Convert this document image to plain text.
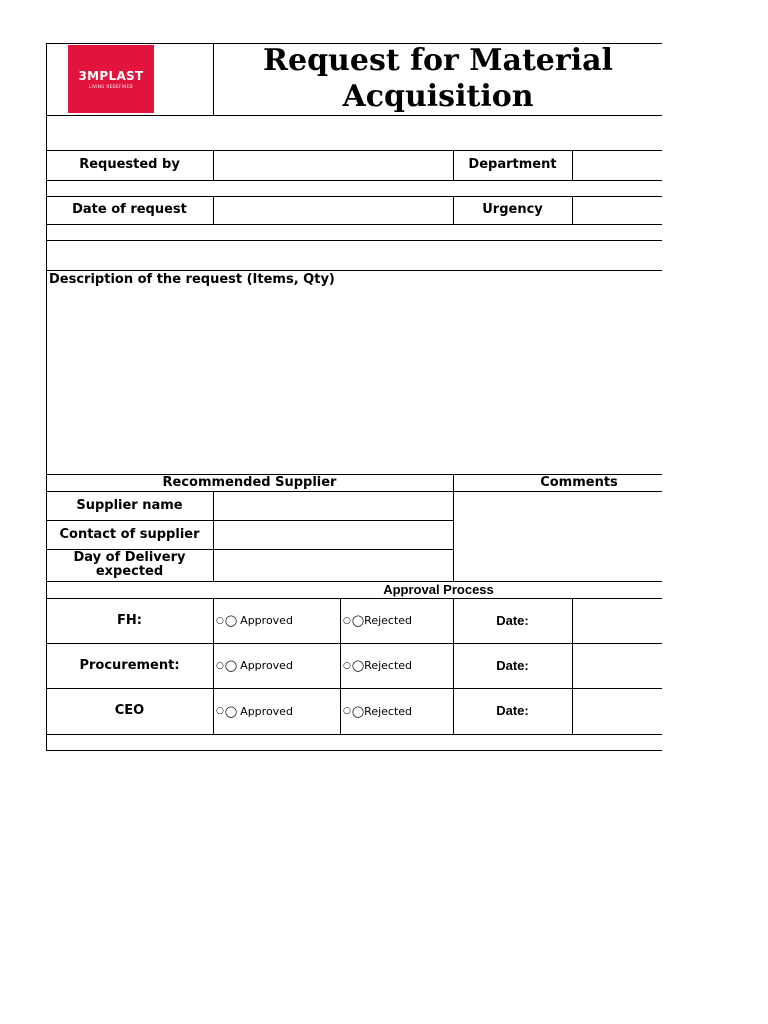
3MPLAST
LIVING REDEFINED
Request for Material Acquisition
Requested by	Department
Date of request	Urgency
Description of the request (Items, Qty)
Recommended Supplier	Comments
Supplier name
Contact of supplier
Day of Delivery expected
Approval Process
FH:	○ ◯ Approved	○ ◯ Rejected	Date:
Procurement:	○ ◯ Approved	○ ◯ Rejected	Date:
CEO	○ ◯ Approved	○ ◯ Rejected	Date:
